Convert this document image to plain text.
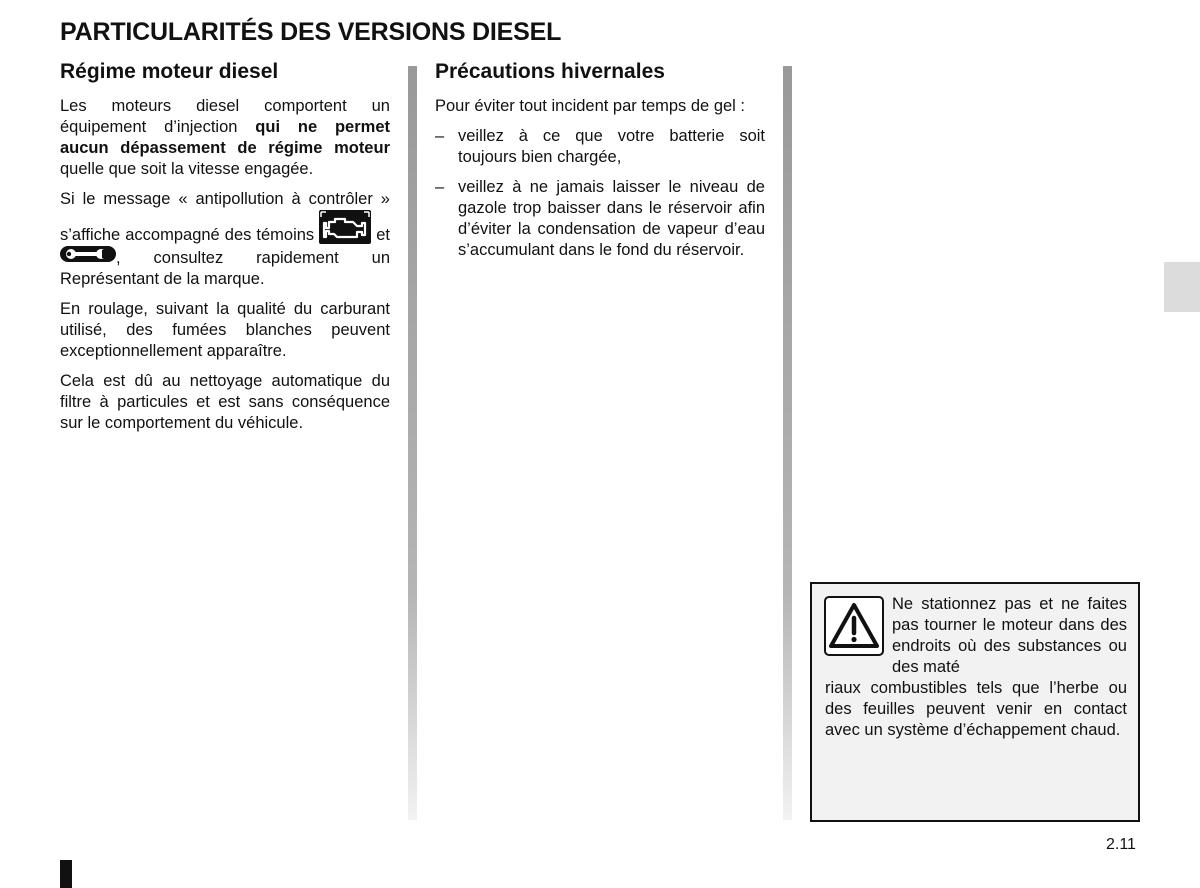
PARTICULARITÉS DES VERSIONS DIESEL
Régime moteur diesel

Les moteurs diesel comportent un équipement d’injection qui ne permet aucun dépassement de régime moteur quelle que soit la vitesse engagée.

Si le message « antipollution à contrôler » s’affiche accompagné des témoins	et
, consultez rapidement un Représentant de la marque.

En roulage, suivant la qualité du carburant utilisé, des fumées blanches peuvent exceptionnellement apparaître.

Cela est dû au nettoyage automatique du filtre à particules et est sans conséquence sur le comportement du véhicule.

Précautions hivernales

Pour éviter tout incident par temps de gel :

– veillez à ce que votre batterie soit toujours bien chargée,
– veillez à ne jamais laisser le niveau de gazole trop baisser dans le réservoir afin d’éviter la condensation de vapeur d’eau s’accumulant dans le fond du réservoir.
Ne stationnez pas et ne faites pas tourner le moteur dans des endroits où des substances ou des maté
riaux combustibles tels que l’herbe ou des feuilles peuvent venir en contact avec un système d’échappement chaud.
2.11
